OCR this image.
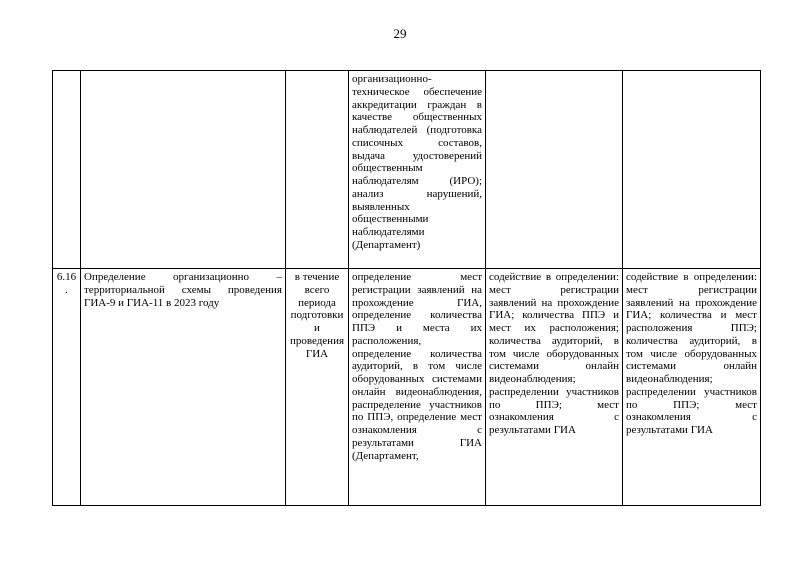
29
			организационно-техническое обеспечение аккредитации граждан в качестве общественных наблюдателей (подготовка списочных составов, выдача удостоверений общественным наблюдателям (ИРО); анализ нарушений, выявленных общественными наблюдателями (Департамент)		
6.16.	Определение организационно – территориальной схемы проведения ГИА-9 и ГИА-11 в 2023 году	в течение всего периода подготовки и проведения ГИА	определение мест регистрации заявлений на прохождение ГИА, определение количества ППЭ и места их расположения, определение количества аудиторий, в том числе оборудованных системами онлайн видеонаблюдения, распределение участников по ППЭ, определение мест ознакомления с результатами ГИА (Департамент,	содействие в определении: мест регистрации заявлений на прохождение ГИА; количества ППЭ и мест их расположения; количества аудиторий, в том числе оборудованных системами онлайн видеонаблюдения; распределении участников по ППЭ; мест ознакомления с результатами ГИА	содействие в определении: мест регистрации заявлений на прохождение ГИА; количества и мест расположения ППЭ; количества аудиторий, в том числе оборудованных системами онлайн видеонаблюдения; распределении участников по ППЭ; мест ознакомления с результатами ГИА
